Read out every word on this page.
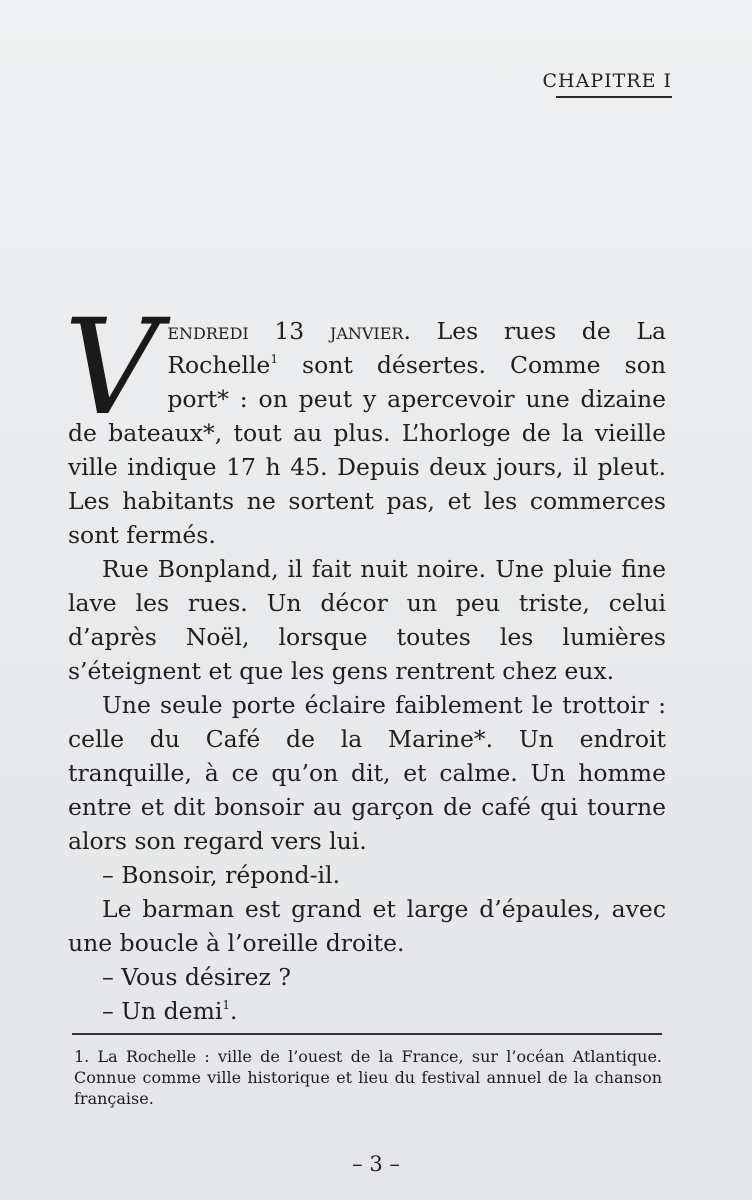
CHAPITRE I

Vendredi 13 janvier. Les rues de La Rochelle$^1$ sont désertes. Comme son port* : on peut y apercevoir une dizaine de bateaux*, tout au plus. L’horloge de la vieille ville indique 17 h 45. Depuis deux jours, il pleut. Les habitants ne sortent pas, et les commerces sont fermés.

Rue Bonpland, il fait nuit noire. Une pluie fine lave les rues. Un décor un peu triste, celui d’après Noël, lorsque toutes les lumières s’éteignent et que les gens rentrent chez eux.

Une seule porte éclaire faiblement le trottoir : celle du Café de la Marine*. Un endroit tranquille, à ce qu’on dit, et calme. Un homme entre et dit bonsoir au garçon de café qui tourne alors son regard vers lui.

– Bonsoir, répond-il.

Le barman est grand et large d’épaules, avec une boucle à l’oreille droite.

– Vous désirez ?

– Un demi$^1$.

1. La Rochelle : ville de l’ouest de la France, sur l’océan Atlantique. Connue comme ville historique et lieu du festival annuel de la chanson française.
– 3 –
